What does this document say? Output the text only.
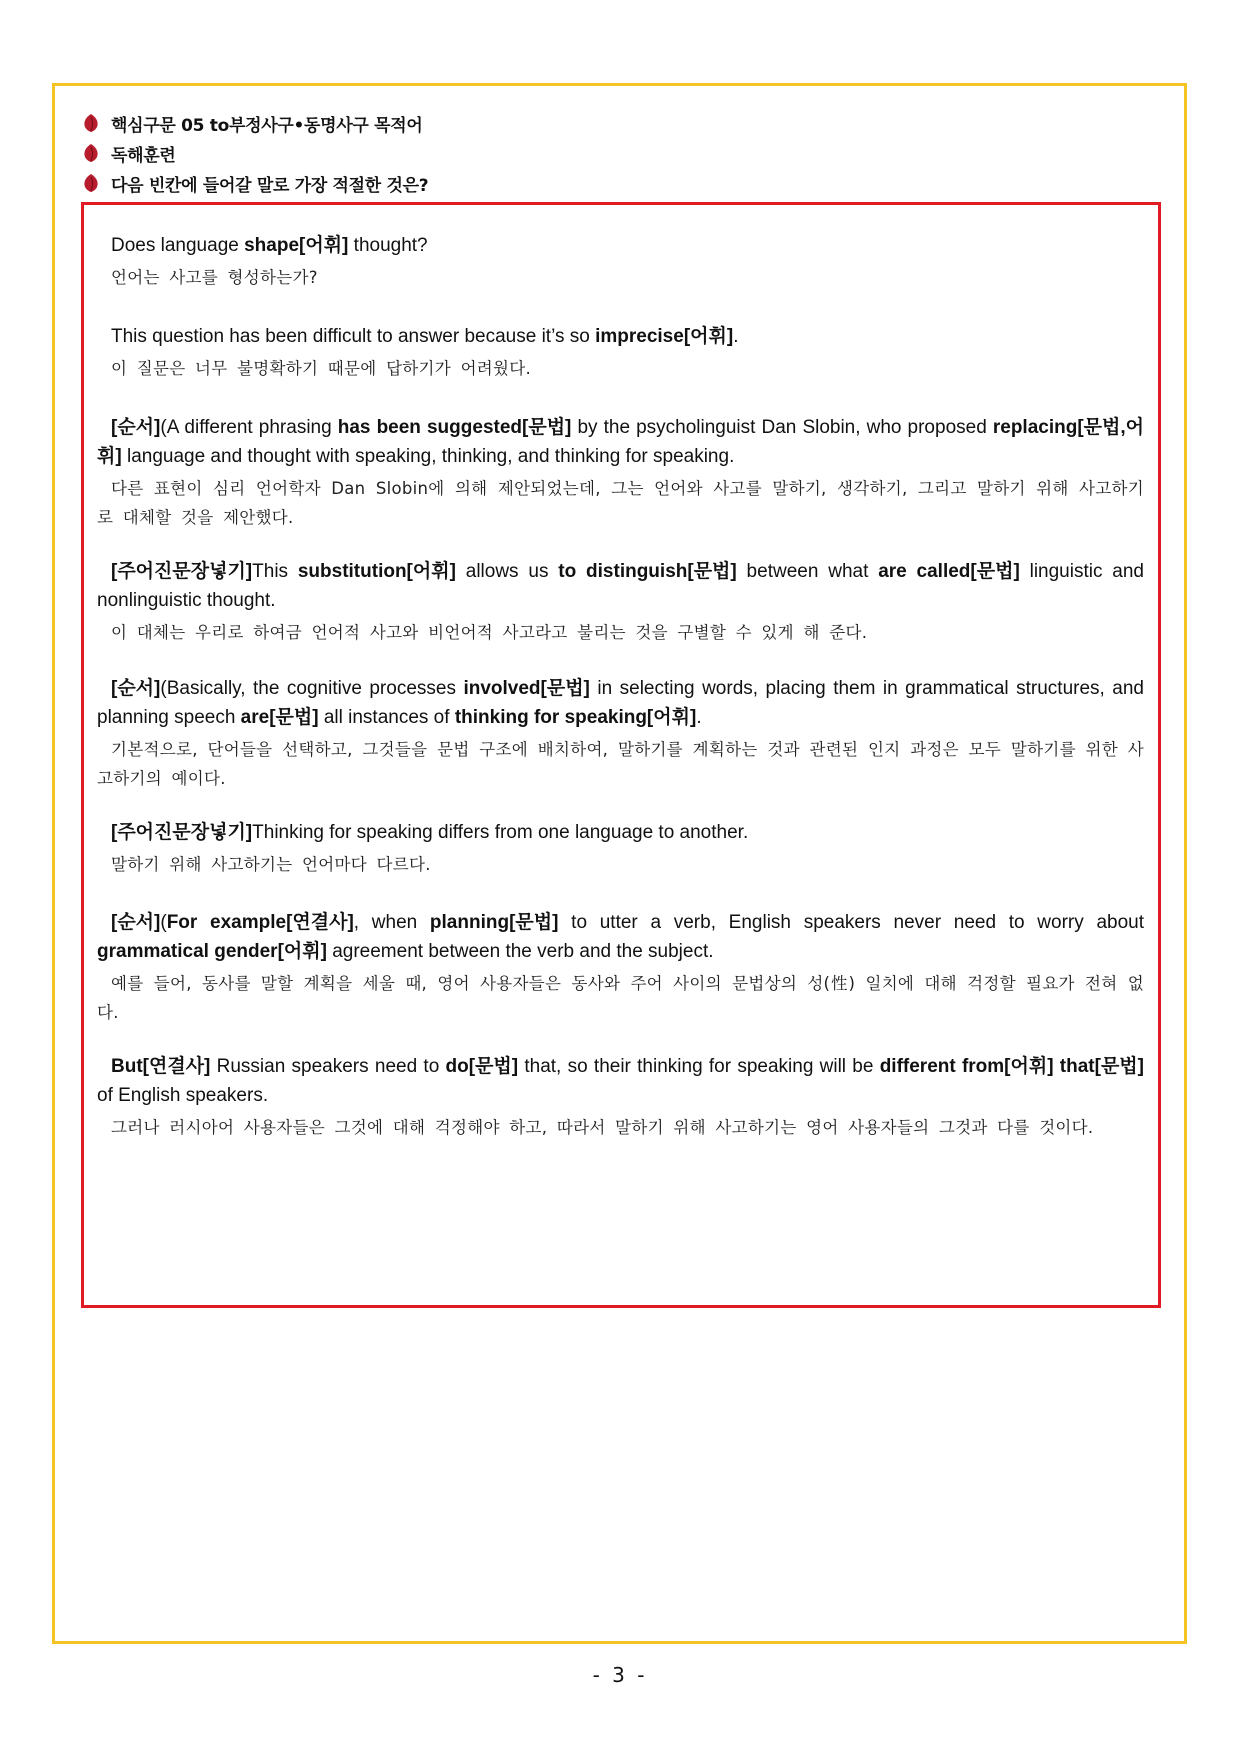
핵심구문 05 to부정사구•동명사구 목적어
독해훈련
다음 빈칸에 들어갈 말로 가장 적절한 것은?
Does language shape[어휘] thought?
언어는 사고를 형성하는가?
This question has been difficult to answer because it’s so imprecise[어휘].
이 질문은 너무 불명확하기 때문에 답하기가 어려웠다.
[순서](A different phrasing has been suggested[문법] by the psycholinguist Dan Slobin, who proposed replacing[문법,어휘] language and thought with speaking, thinking, and thinking for speaking.
다른 표현이 심리 언어학자 Dan Slobin에 의해 제안되었는데, 그는 언어와 사고를 말하기, 생각하기, 그리고 말하기 위해 사고하기로 대체할 것을 제안했다.
[주어진문장넣기]This substitution[어휘] allows us to distinguish[문법] between what are called[문법] linguistic and nonlinguistic thought.
이 대체는 우리로 하여금 언어적 사고와 비언어적 사고라고 불리는 것을 구별할 수 있게 해 준다.
[순서](Basically, the cognitive processes involved[문법] in selecting words, placing them in grammatical structures, and planning speech are[문법] all instances of thinking for speaking[어휘].
기본적으로, 단어들을 선택하고, 그것들을 문법 구조에 배치하여, 말하기를 계획하는 것과 관련된 인지 과정은 모두 말하기를 위한 사고하기의 예이다.
[주어진문장넣기]Thinking for speaking differs from one language to another.
말하기 위해 사고하기는 언어마다 다르다.
[순서](For example[연결사], when planning[문법] to utter a verb, English speakers never need to worry about grammatical gender[어휘] agreement between the verb and the subject.
예를 들어, 동사를 말할 계획을 세울 때, 영어 사용자들은 동사와 주어 사이의 문법상의 성(性) 일치에 대해 걱정할 필요가 전혀 없다.
But[연결사] Russian speakers need to do[문법] that, so their thinking for speaking will be different from[어휘] that[문법] of English speakers.
그러나 러시아어 사용자들은 그것에 대해 걱정해야 하고, 따라서 말하기 위해 사고하기는 영어 사용자들의 그것과 다를 것이다.
- 3 -
